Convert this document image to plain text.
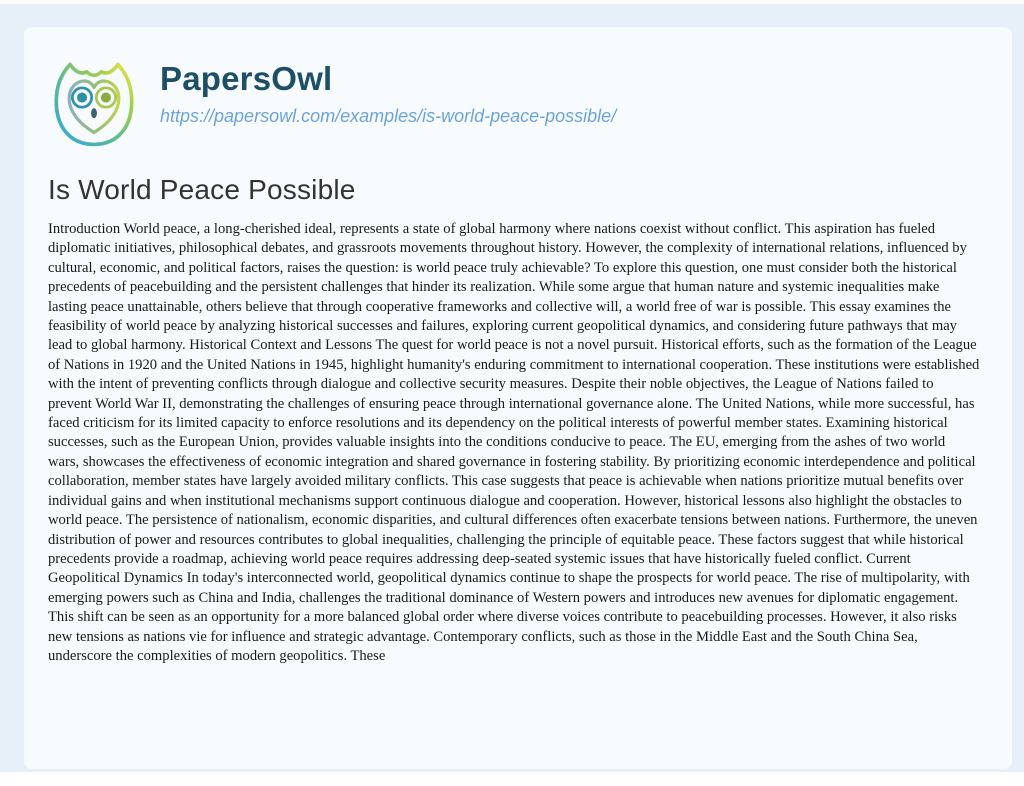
PapersOwl
https://papersowl.com/examples/is-world-peace-possible/
Is World Peace Possible

Introduction World peace, a long-cherished ideal, represents a state of global harmony where nations coexist without conflict. This aspiration has fueled diplomatic initiatives, philosophical debates, and grassroots movements throughout history. However, the complexity of international relations, influenced by cultural, economic, and political factors, raises the question: is world peace truly achievable? To explore this question, one must consider both the historical precedents of peacebuilding and the persistent challenges that hinder its realization. While some argue that human nature and systemic inequalities make lasting peace unattainable, others believe that through cooperative frameworks and collective will, a world free of war is possible. This essay examines the feasibility of world peace by analyzing historical successes and failures, exploring current geopolitical dynamics, and considering future pathways that may lead to global harmony. Historical Context and Lessons The quest for world peace is not a novel pursuit. Historical efforts, such as the formation of the League of Nations in 1920 and the United Nations in 1945, highlight humanity's enduring commitment to international cooperation. These institutions were established with the intent of preventing conflicts through dialogue and collective security measures. Despite their noble objectives, the League of Nations failed to prevent World War II, demonstrating the challenges of ensuring peace through international governance alone. The United Nations, while more successful, has faced criticism for its limited capacity to enforce resolutions and its dependency on the political interests of powerful member states. Examining historical successes, such as the European Union, provides valuable insights into the conditions conducive to peace. The EU, emerging from the ashes of two world wars, showcases the effectiveness of economic integration and shared governance in fostering stability. By prioritizing economic interdependence and political collaboration, member states have largely avoided military conflicts. This case suggests that peace is achievable when nations prioritize mutual benefits over individual gains and when institutional mechanisms support continuous dialogue and cooperation. However, historical lessons also highlight the obstacles to world peace. The persistence of nationalism, economic disparities, and cultural differences often exacerbate tensions between nations. Furthermore, the uneven distribution of power and resources contributes to global inequalities, challenging the principle of equitable peace. These factors suggest that while historical precedents provide a roadmap, achieving world peace requires addressing deep-seated systemic issues that have historically fueled conflict. Current Geopolitical Dynamics In today's interconnected world, geopolitical dynamics continue to shape the prospects for world peace. The rise of multipolarity, with emerging powers such as China and India, challenges the traditional dominance of Western powers and introduces new avenues for diplomatic engagement. This shift can be seen as an opportunity for a more balanced global order where diverse voices contribute to peacebuilding processes. However, it also risks new tensions as nations vie for influence and strategic advantage. Contemporary conflicts, such as those in the Middle East and the South China Sea, underscore the complexities of modern geopolitics. These
